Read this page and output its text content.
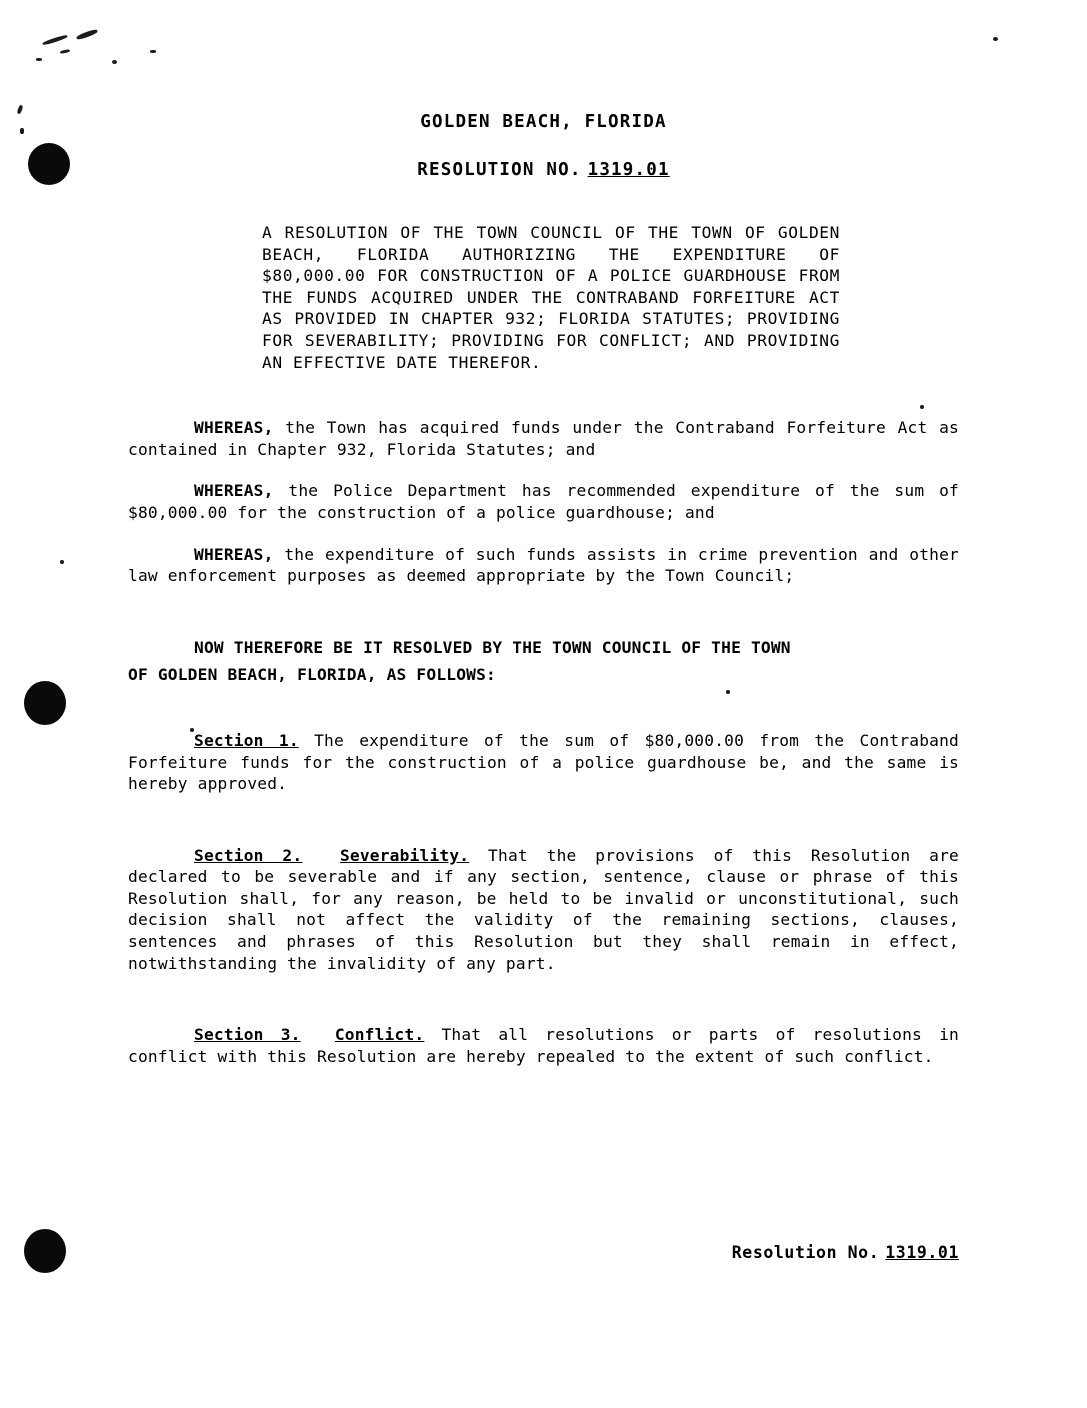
GOLDEN BEACH, FLORIDA
RESOLUTION NO. 1319.01
A RESOLUTION OF THE TOWN COUNCIL OF THE TOWN OF GOLDEN BEACH, FLORIDA AUTHORIZING THE EXPENDITURE OF $80,000.00 FOR CONSTRUCTION OF A POLICE GUARDHOUSE FROM THE FUNDS ACQUIRED UNDER THE CONTRABAND FORFEITURE ACT AS PROVIDED IN CHAPTER 932; FLORIDA STATUTES; PROVIDING FOR SEVERABILITY; PROVIDING FOR CONFLICT; AND PROVIDING AN EFFECTIVE DATE THEREFOR.
WHEREAS, the Town has acquired funds under the Contraband Forfeiture Act as contained in Chapter 932, Florida Statutes; and
WHEREAS, the Police Department has recommended expenditure of the sum of $80,000.00 for the construction of a police guardhouse; and
WHEREAS, the expenditure of such funds assists in crime prevention and other law enforcement purposes as deemed appropriate by the Town Council;
NOW THEREFORE BE IT RESOLVED BY THE TOWN COUNCIL OF THE TOWN
OF GOLDEN BEACH, FLORIDA, AS FOLLOWS:
Section 1. The expenditure of the sum of $80,000.00 from the Contraband Forfeiture funds for the construction of a police guardhouse be, and the same is hereby approved.
Section 2. Severability. That the provisions of this Resolution are declared to be severable and if any section, sentence, clause or phrase of this Resolution shall, for any reason, be held to be invalid or unconstitutional, such decision shall not affect the validity of the remaining sections, clauses, sentences and phrases of this Resolution but they shall remain in effect, notwithstanding the invalidity of any part.
Section 3. Conflict. That all resolutions or parts of resolutions in conflict with this Resolution are hereby repealed to the extent of such conflict.
Resolution No. 1319.01
